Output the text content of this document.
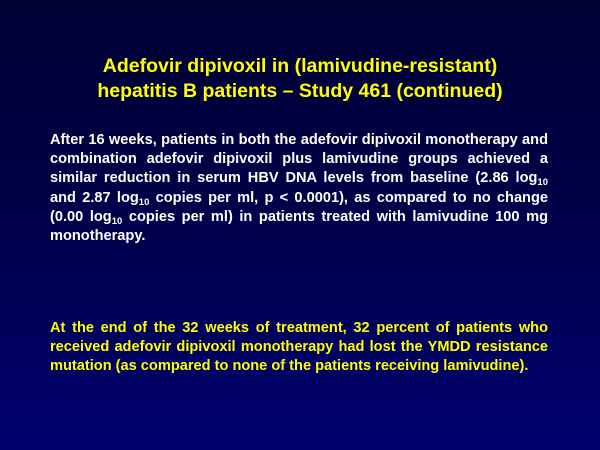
Adefovir dipivoxil in (lamivudine-resistant)
hepatitis B patients – Study 461 (continued)

After 16 weeks, patients in both the adefovir dipivoxil monotherapy and combination adefovir dipivoxil plus lamivudine groups achieved a similar reduction in serum HBV DNA levels from baseline (2.86 $\log_{10}$ and 2.87 $\log_{10}$ copies per ml, p < 0.0001), as compared to no change (0.00 $\log_{10}$ copies per ml) in patients treated with lamivudine 100 mg monotherapy.

At the end of the 32 weeks of treatment, 32 percent of patients who received adefovir dipivoxil monotherapy had lost the YMDD resistance mutation (as compared to none of the patients receiving lamivudine).
